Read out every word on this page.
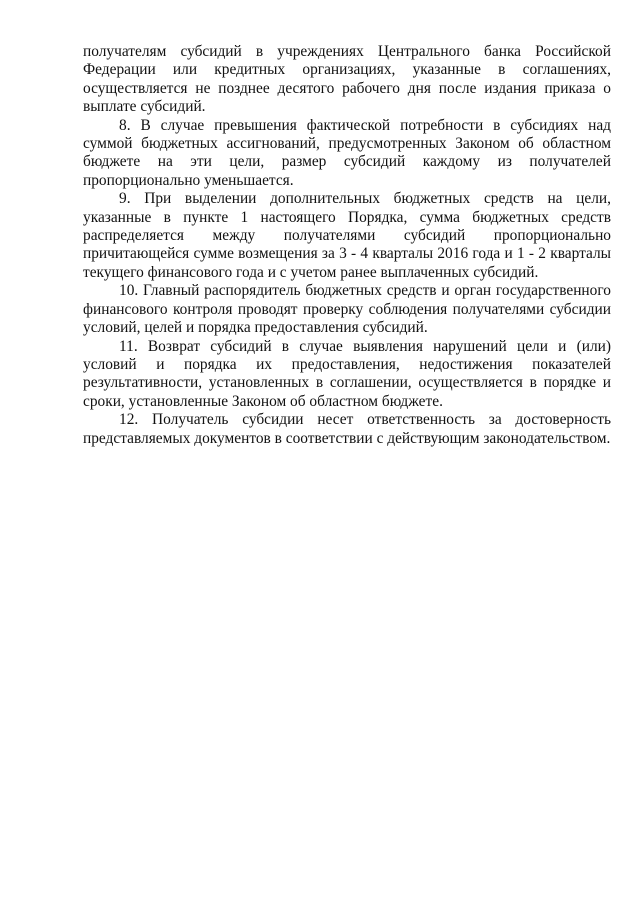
получателям субсидий в учреждениях Центрального банка Российской Федерации или кредитных организациях, указанные в соглашениях, осуществляется не позднее десятого рабочего дня после издания приказа о выплате субсидий.

8. В случае превышения фактической потребности в субсидиях над суммой бюджетных ассигнований, предусмотренных Законом об областном бюджете на эти цели, размер субсидий каждому из получателей пропорционально уменьшается.

9. При выделении дополнительных бюджетных средств на цели, указанные в пункте 1 настоящего Порядка, сумма бюджетных средств распределяется между получателями субсидий пропорционально причитающейся сумме возмещения за 3 - 4 кварталы 2016 года и 1 - 2 кварталы текущего финансового года и с учетом ранее выплаченных субсидий.

10. Главный распорядитель бюджетных средств и орган государственного финансового контроля проводят проверку соблюдения получателями субсидии условий, целей и порядка предоставления субсидий.

11. Возврат субсидий в случае выявления нарушений цели и (или) условий и порядка их предоставления, недостижения показателей результативности, установленных в соглашении, осуществляется в порядке и сроки, установленные Законом об областном бюджете.

12. Получатель субсидии несет ответственность за достоверность представляемых документов в соответствии с действующим законодательством.
